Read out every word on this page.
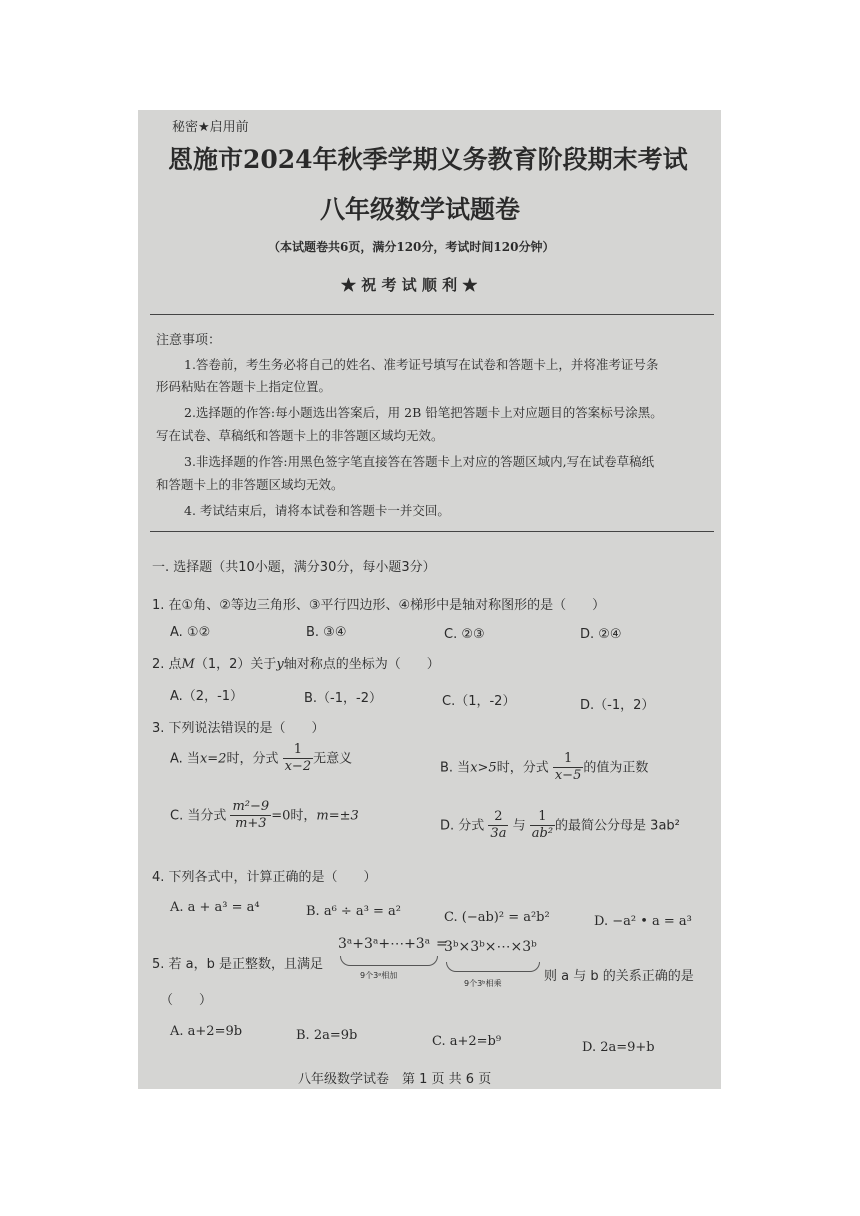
秘密★启用前
恩施市2024年秋季学期义务教育阶段期末考试
八年级数学试题卷
（本试题卷共6页，满分120分，考试时间120分钟）
★ 祝 考 试 顺 利 ★
注意事项：
1.答卷前，考生务必将自己的姓名、准考证号填写在试卷和答题卡上，并将准考证号条
形码粘贴在答题卡上指定位置。
2.选择题的作答:每小题选出答案后，用 2B 铅笔把答题卡上对应题目的答案标号涂黑。
写在试卷、草稿纸和答题卡上的非答题区域均无效。
3.非选择题的作答:用黑色签字笔直接答在答题卡上对应的答题区域内,写在试卷草稿纸
和答题卡上的非答题区域均无效。
4. 考试结束后，请将本试卷和答题卡一并交回。
一. 选择题（共10小题，满分30分，每小题3分）
1. 在①角、②等边三角形、③平行四边形、④梯形中是轴对称图形的是（　　）
A. ①②	B. ③④	C. ②③	D. ②④
2. 点M（1，2）关于y轴对称点的坐标为（　　）
A.（2，-1）	B.（-1，-2）	C.（1，-2）	D.（-1，2）
3. 下列说法错误的是（　　）
A. 当x=2时，分式 $\frac{1}{x-2}$ 无意义
B. 当x>5时，分式 $\frac{1}{x-5}$ 的值为正数
C. 当分式 $\frac{\text{m²−9}}{m+3} =0$时，m=±3
D. 分式 $\frac{2}{3a}$ 与 $\frac{1}{\text{ab²}}$ 的最简公分母是 3ab²
4. 下列各式中，计算正确的是（　　）
A. a + a³ = a⁴	B. a⁶ ÷ a³ = a²	C. (−ab)² = a²b²	D. −a² • a = a³
5. 若 a，b 是正整数，且满足
3ᵃ+3ᵃ+⋯+3ᵃ
9个3ᵃ相加
=
3ᵇ×3ᵇ×⋯×3ᵇ
9个3ᵇ相乘	则 a 与 b 的关系正确的是
（　　）
A. a+2=9b	B. 2a=9b	C. a+2=b⁹	D. 2a=9+b
八年级数学试卷　第 1 页 共 6 页
